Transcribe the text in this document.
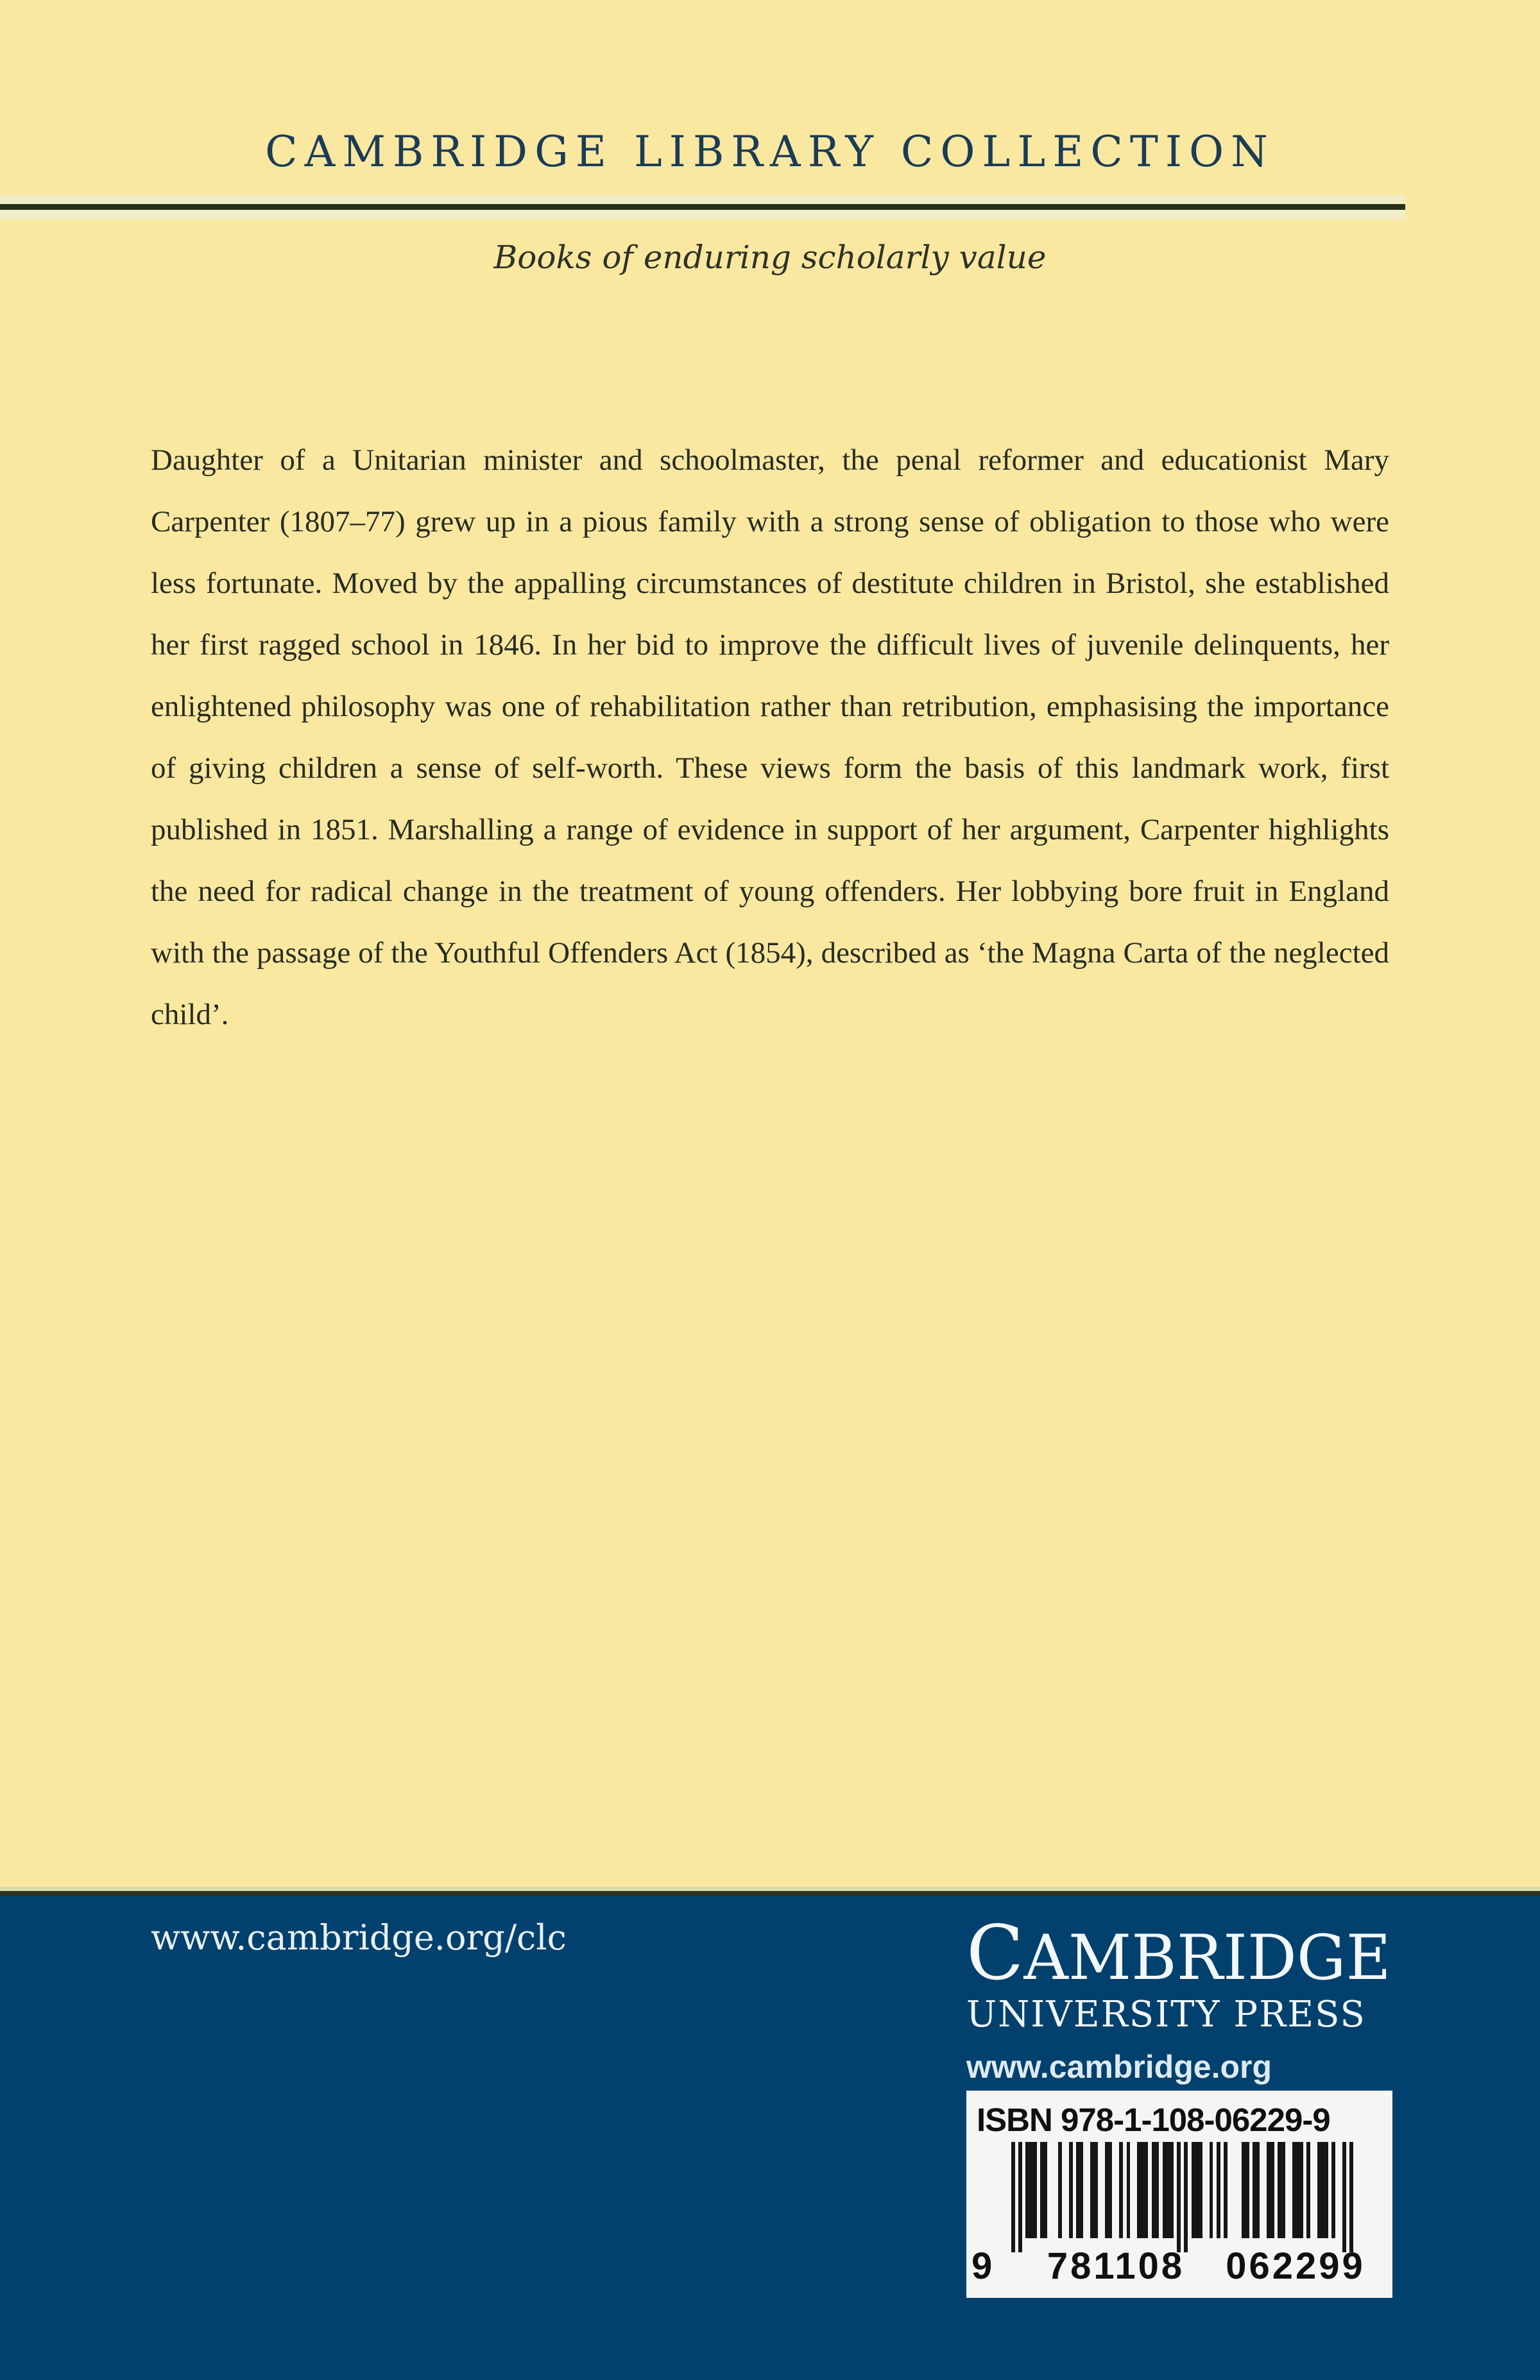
CAMBRIDGE LIBRARY COLLECTION
Books of enduring scholarly value

Daughter of a Unitarian minister and schoolmaster, the penal reformer and educationist Mary Carpenter (1807–77) grew up in a pious family with a strong sense of obligation to those who were less fortunate. Moved by the appalling circumstances of destitute children in Bristol, she established her first ragged school in 1846. In her bid to improve the difficult lives of juvenile delinquents, her enlightened philosophy was one of rehabilitation rather than retribution, emphasising the importance of giving children a sense of self-worth. These views form the basis of this landmark work, first published in 1851. Marshalling a range of evidence in support of her argument, Carpenter highlights the need for radical change in the treatment of young offenders. Her lobbying bore fruit in England with the passage of the Youthful Offenders Act (1854), described as ‘the Magna Carta of the neglected child’.

www.cambridge.org/clc	CAMBRIDGE
UNIVERSITY PRESS
www.cambridge.org
ISBN 978-1-108-06229-9
9	781108	062299
